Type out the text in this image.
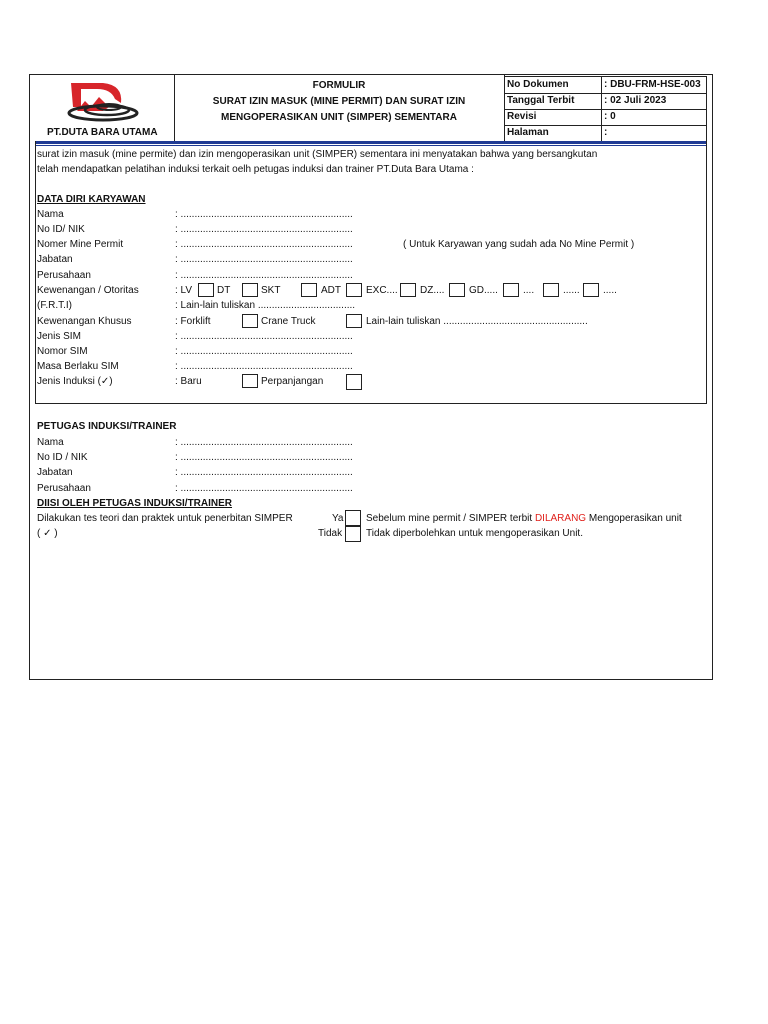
PT.DUTA BARA UTAMA
FORMULIR
SURAT IZIN MASUK (MINE PERMIT) DAN SURAT IZIN
MENGOPERASIKAN UNIT (SIMPER) SEMENTARA
No Dokumen	: DBU-FRM-HSE-003
Tanggal Terbit	: 02 Juli 2023
Revisi	: 0
Halaman	:
surat izin masuk (mine permite) dan izin mengoperasikan unit (SIMPER) sementara ini menyatakan bahwa yang bersangkutan
telah mendapatkan pelatihan induksi terkait oelh petugas induksi dan trainer PT.Duta Bara Utama :
DATA DIRI KARYAWAN
Nama	: ..............................................................
No ID/ NIK	: ..............................................................
Nomer Mine Permit	: ..............................................................	( Untuk Karyawan yang sudah ada No Mine Permit )
Jabatan	: ..............................................................
Perusahaan	: ..............................................................
Kewenangan / Otoritas	: LV DT	SKT	ADT	EXC.... DZ.... GD.....	....	...... .....
(F.R.T.I)	: Lain-lain tuliskan ...................................
Kewenangan Khusus	: Forklift	Crane Truck	Lain-lain tuliskan ....................................................
Jenis SIM	: ..............................................................
Nomor SIM	: ..............................................................
Masa Berlaku SIM	: ..............................................................
Jenis Induksi (✓)	: Baru	Perpanjangan
PETUGAS INDUKSI/TRAINER
Nama	: ..............................................................
No ID / NIK	: ..............................................................
Jabatan	: ..............................................................
Perusahaan	: ..............................................................
DIISI OLEH PETUGAS INDUKSI/TRAINER
Dilakukan tes teori dan praktek untuk penerbitan SIMPER
( ✓ )
Ya Sebelum mine permit / SIMPER terbit DILARANG Mengoperasikan unit
Tidak Tidak diperbolehkan untuk mengoperasikan Unit.
